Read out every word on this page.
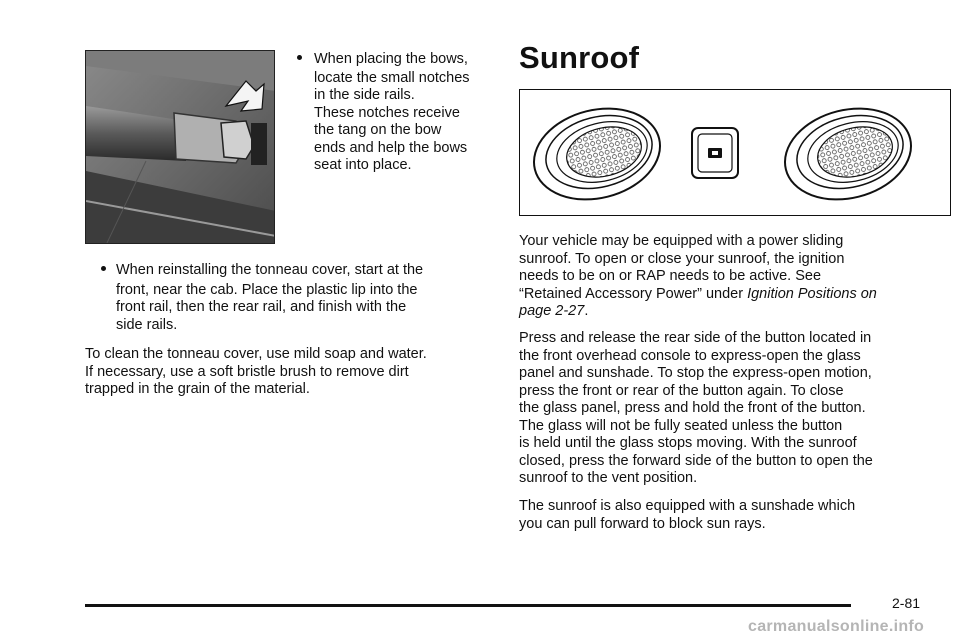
When placing the bows,
locate the small notches
in the side rails.
These notches receive
the tang on the bow
ends and help the bows
seat into place.
When reinstalling the tonneau cover, start at the
front, near the cab. Place the plastic lip into the
front rail, then the rear rail, and finish with the
side rails.
To clean the tonneau cover, use mild soap and water.
If necessary, use a soft bristle brush to remove dirt
trapped in the grain of the material.
Sunroof
Your vehicle may be equipped with a power sliding
sunroof. To open or close your sunroof, the ignition
needs to be on or RAP needs to be active. See
“Retained Accessory Power” under Ignition Positions on
page 2-27.
Press and release the rear side of the button located in
the front overhead console to express-open the glass
panel and sunshade. To stop the express-open motion,
press the front or rear of the button again. To close
the glass panel, press and hold the front of the button.
The glass will not be fully seated unless the button
is held until the glass stops moving. With the sunroof
closed, press the forward side of the button to open the
sunroof to the vent position.
The sunroof is also equipped with a sunshade which
you can pull forward to block sun rays.
2-81
carmanualsonline.info
